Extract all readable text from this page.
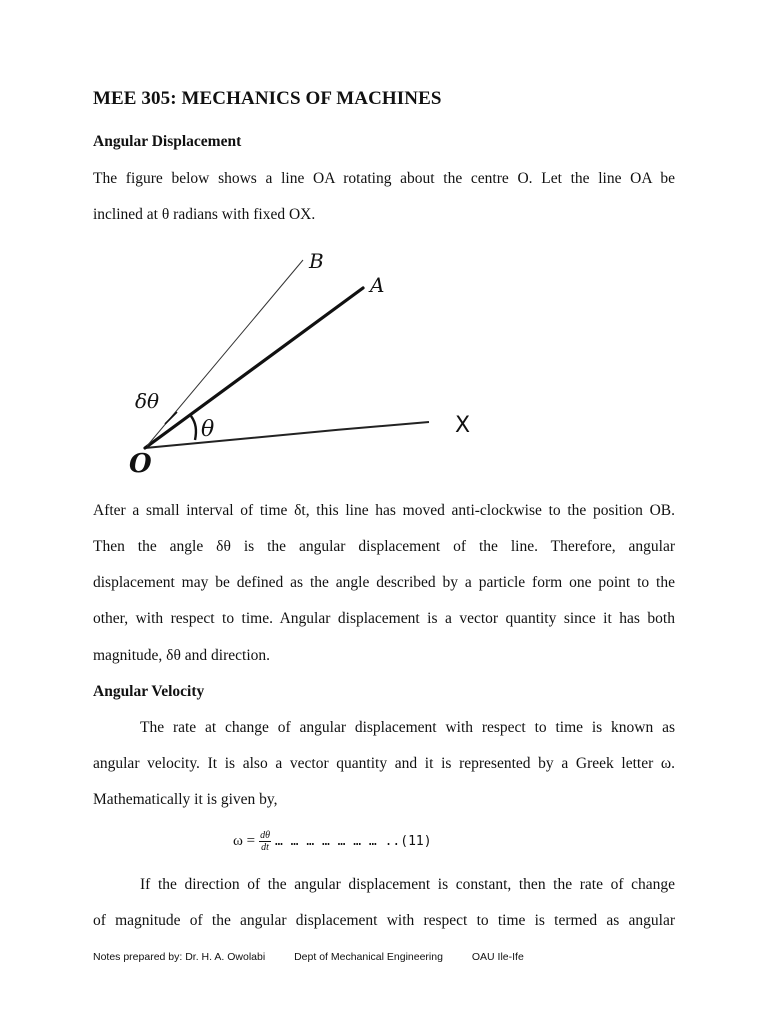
MEE 305: MECHANICS OF MACHINES
Angular Displacement
The figure below shows a line OA rotating about the centre O. Let the line OA be
inclined at θ radians with fixed OX.
X
A
B
O
θ
δθ
After a small interval of time δt, this line has moved anti-clockwise to the position OB.
Then the angle δθ is the angular displacement of the line. Therefore, angular
displacement may be defined as the angle described by a particle form one point to the
other, with respect to time. Angular displacement is a vector quantity since it has both
magnitude, δθ and direction.
Angular Velocity
The rate at change of angular displacement with respect to time is known as
angular velocity. It is also a vector quantity and it is represented by a Greek letter ω.
Mathematically it is given by,
$\omega = \frac{d\theta}{dt}$ … … … … … … … .. (11)
If the direction of the angular displacement is constant, then the rate of change
of magnitude of the angular displacement with respect to time is termed as angular
Notes prepared by: Dr. H. A. Owolabi	Dept of Mechanical Engineering	OAU Ile-Ife
